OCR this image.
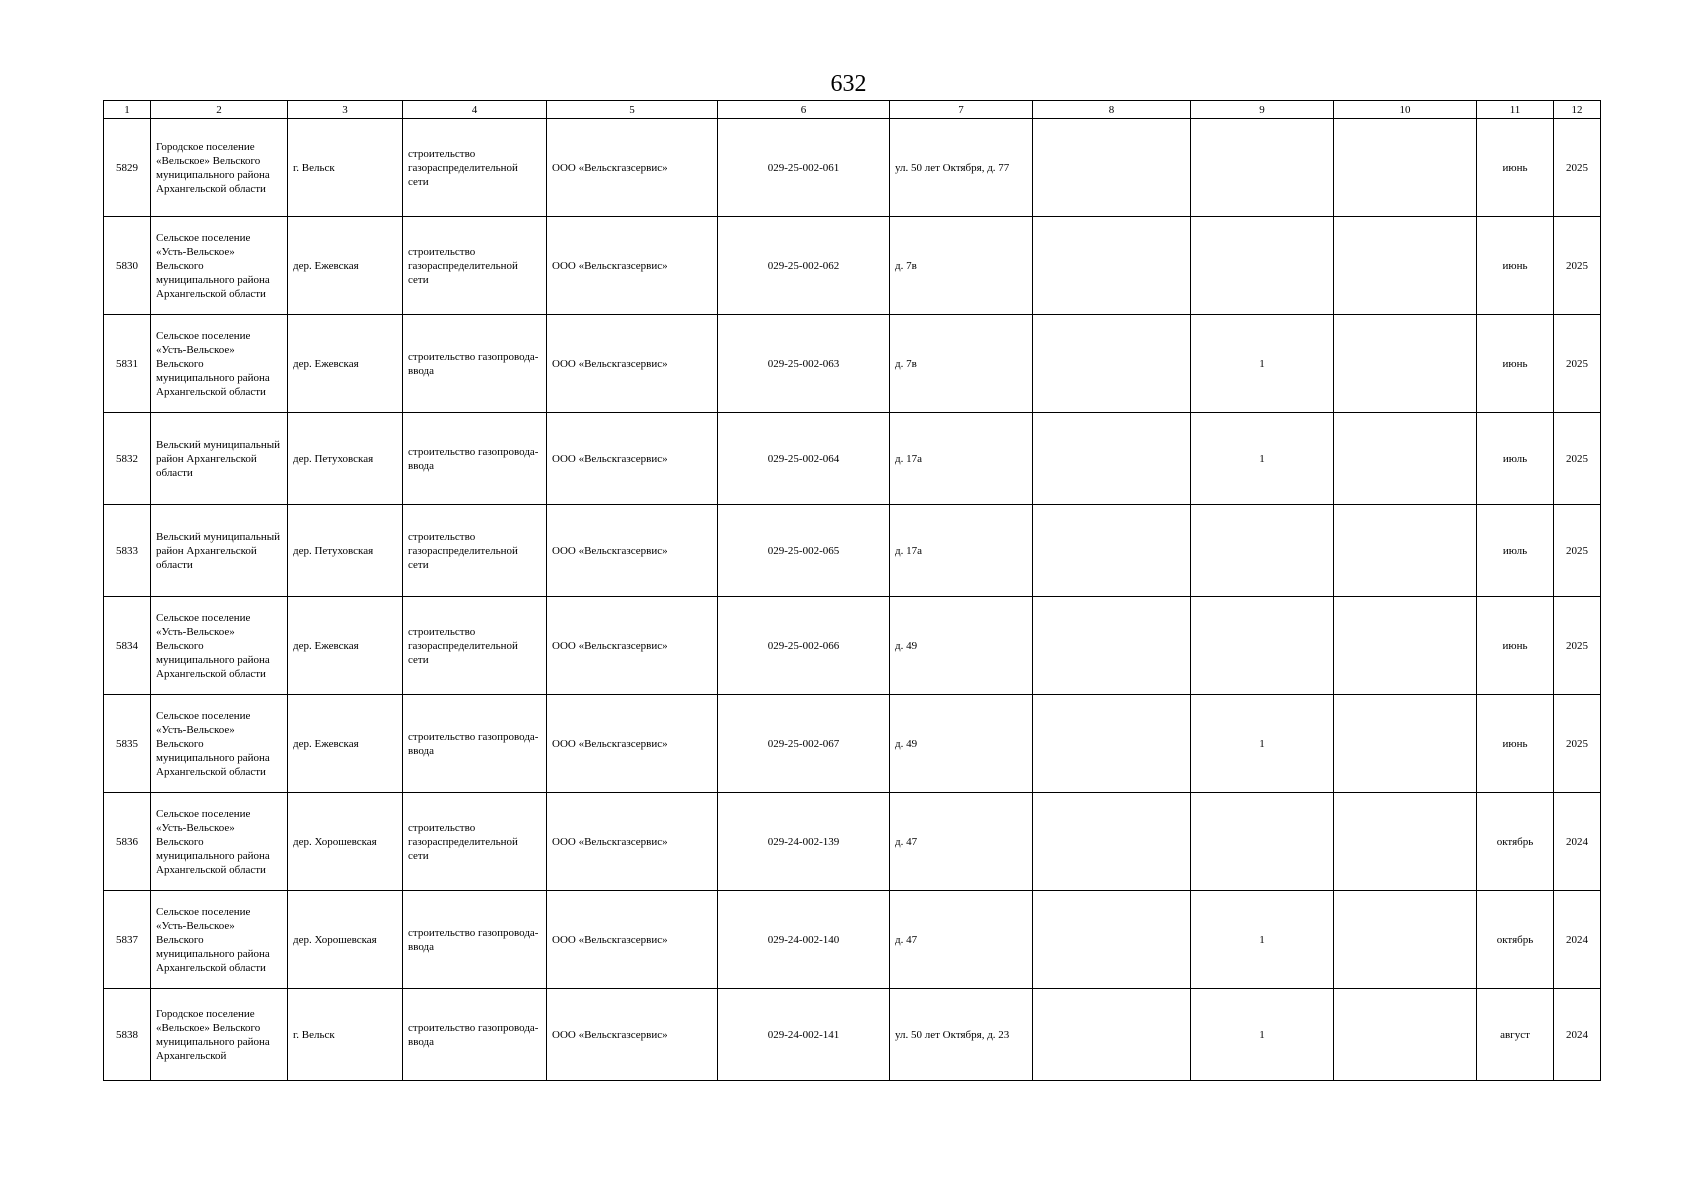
632
1	2	3	4	5	6	7	8	9	10	11	12
5829	Городское поселение «Вельское» Вельского муниципального района Архангельской области	г. Вельск	строительство газораспределительной сети	ООО «Вельскгазсервис»	029-25-002-061	ул. 50 лет Октября, д. 77				июнь	2025
5830	Сельское поселение «Усть-Вельское» Вельского муниципального района Архангельской области	дер. Ежевская	строительство газораспределительной сети	ООО «Вельскгазсервис»	029-25-002-062	д. 7в				июнь	2025
5831	Сельское поселение «Усть-Вельское» Вельского муниципального района Архангельской области	дер. Ежевская	строительство газопровода-ввода	ООО «Вельскгазсервис»	029-25-002-063	д. 7в		1		июнь	2025
5832	Вельский муниципальный район Архангельской области	дер. Петуховская	строительство газопровода-ввода	ООО «Вельскгазсервис»	029-25-002-064	д. 17а		1		июль	2025
5833	Вельский муниципальный район Архангельской области	дер. Петуховская	строительство газораспределительной сети	ООО «Вельскгазсервис»	029-25-002-065	д. 17а				июль	2025
5834	Сельское поселение «Усть-Вельское» Вельского муниципального района Архангельской области	дер. Ежевская	строительство газораспределительной сети	ООО «Вельскгазсервис»	029-25-002-066	д. 49				июнь	2025
5835	Сельское поселение «Усть-Вельское» Вельского муниципального района Архангельской области	дер. Ежевская	строительство газопровода-ввода	ООО «Вельскгазсервис»	029-25-002-067	д. 49		1		июнь	2025
5836	Сельское поселение «Усть-Вельское» Вельского муниципального района Архангельской области	дер. Хорошевская	строительство газораспределительной сети	ООО «Вельскгазсервис»	029-24-002-139	д. 47				октябрь	2024
5837	Сельское поселение «Усть-Вельское» Вельского муниципального района Архангельской области	дер. Хорошевская	строительство газопровода-ввода	ООО «Вельскгазсервис»	029-24-002-140	д. 47		1		октябрь	2024
5838	Городское поселение «Вельское» Вельского муниципального района Архангельской	г. Вельск	строительство газопровода-ввода	ООО «Вельскгазсервис»	029-24-002-141	ул. 50 лет Октября, д. 23		1		август	2024
